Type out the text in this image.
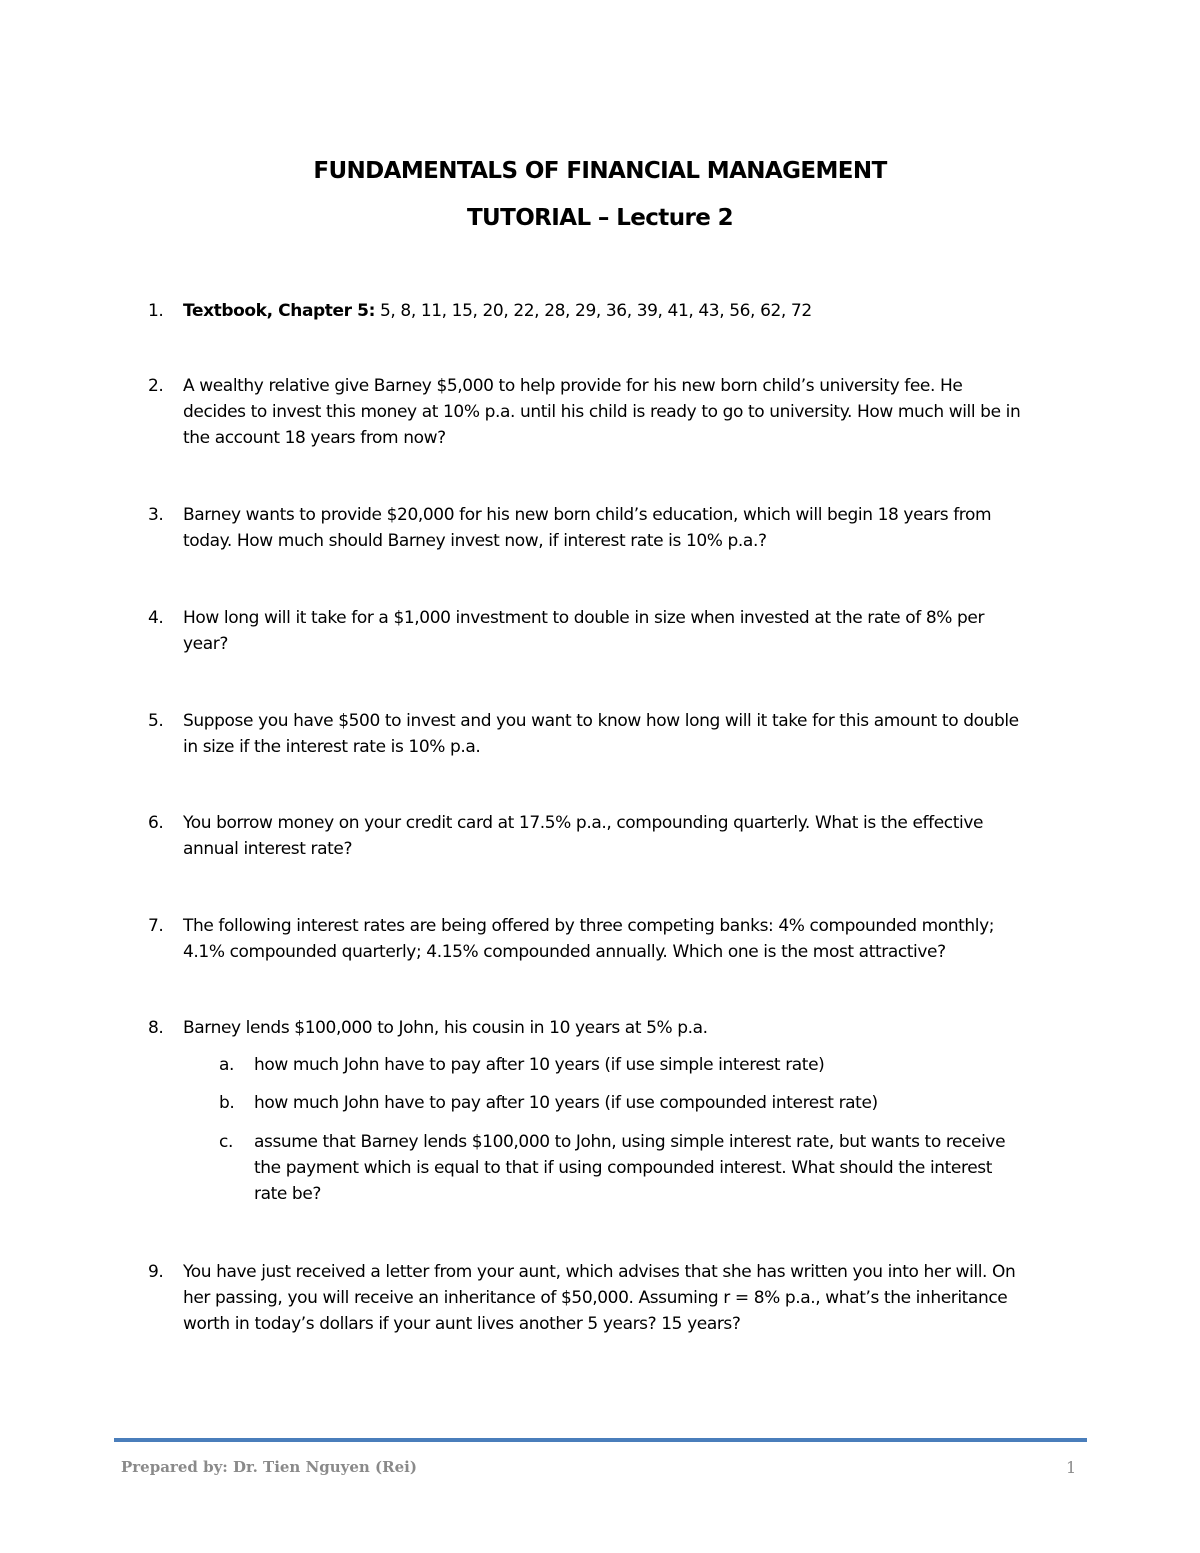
FUNDAMENTALS OF FINANCIAL MANAGEMENT
TUTORIAL – Lecture 2
1. Textbook, Chapter 5: 5, 8, 11, 15, 20, 22, 28, 29, 36, 39, 41, 43, 56, 62, 72
2. A wealthy relative give Barney $5,000 to help provide for his new born child’s university fee. He
decides to invest this money at 10% p.a. until his child is ready to go to university. How much will be in
the account 18 years from now?
3. Barney wants to provide $20,000 for his new born child’s education, which will begin 18 years from
today. How much should Barney invest now, if interest rate is 10% p.a.?
4. How long will it take for a $1,000 investment to double in size when invested at the rate of 8% per
year?
5. Suppose you have $500 to invest and you want to know how long will it take for this amount to double
in size if the interest rate is 10% p.a.
6. You borrow money on your credit card at 17.5% p.a., compounding quarterly. What is the effective
annual interest rate?
7. The following interest rates are being offered by three competing banks: 4% compounded monthly;
4.1% compounded quarterly; 4.15% compounded annually. Which one is the most attractive?
8. Barney lends $100,000 to John, his cousin in 10 years at 5% p.a.
a. how much John have to pay after 10 years (if use simple interest rate)
b. how much John have to pay after 10 years (if use compounded interest rate)
c. assume that Barney lends $100,000 to John, using simple interest rate, but wants to receive
the payment which is equal to that if using compounded interest. What should the interest
rate be?
9. You have just received a letter from your aunt, which advises that she has written you into her will. On
her passing, you will receive an inheritance of $50,000. Assuming r = 8% p.a., what’s the inheritance
worth in today’s dollars if your aunt lives another 5 years? 15 years?
Prepared by: Dr. Tien Nguyen (Rei)	1
